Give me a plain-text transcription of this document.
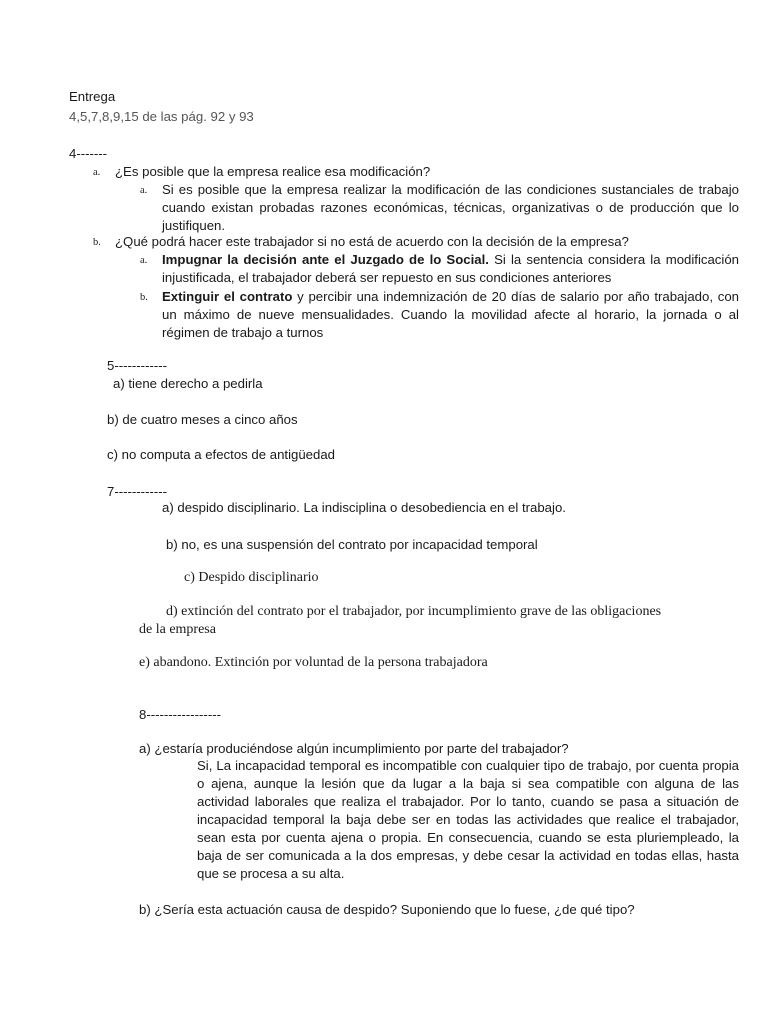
Entrega
4,5,7,8,9,15 de las pág. 92 y 93
4-------
a. ¿Es posible que la empresa realice esa modificación?
a. Si es posible que la empresa realizar la modificación de las condiciones sustanciales de trabajo cuando existan probadas razones económicas, técnicas, organizativas o de producción que lo justifiquen.
b. ¿Qué podrá hacer este trabajador si no está de acuerdo con la decisión de la empresa?
a. Impugnar la decisión ante el Juzgado de lo Social. Si la sentencia considera la modificación injustificada, el trabajador deberá ser repuesto en sus condiciones anteriores
b. Extinguir el contrato y percibir una indemnización de 20 días de salario por año trabajado, con un máximo de nueve mensualidades. Cuando la movilidad afecte al horario, la jornada o al régimen de trabajo a turnos
5------------
a) tiene derecho a pedirla
b) de cuatro meses a cinco años
c) no computa a efectos de antigüedad
7------------
a) despido disciplinario. La indisciplina o desobediencia en el trabajo.
b) no, es una suspensión del contrato por incapacidad temporal
c) Despido disciplinario
d) extinción del contrato por el trabajador, por incumplimiento grave de las obligaciones
de la empresa
e) abandono. Extinción por voluntad de la persona trabajadora
8-----------------
a) ¿estaría produciéndose algún incumplimiento por parte del trabajador?
Si, La incapacidad temporal es incompatible con cualquier tipo de trabajo, por cuenta propia o ajena, aunque la lesión que da lugar a la baja si sea compatible con alguna de las actividad laborales que realiza el trabajador. Por lo tanto, cuando se pasa a situación de incapacidad temporal la baja debe ser en todas las actividades que realice el trabajador, sean esta por cuenta ajena o propia. En consecuencia, cuando se esta pluriempleado, la baja de ser comunicada a la dos empresas, y debe cesar la actividad en todas ellas, hasta que se procesa a su alta.
b) ¿Sería esta actuación causa de despido? Suponiendo que lo fuese, ¿de qué tipo?
